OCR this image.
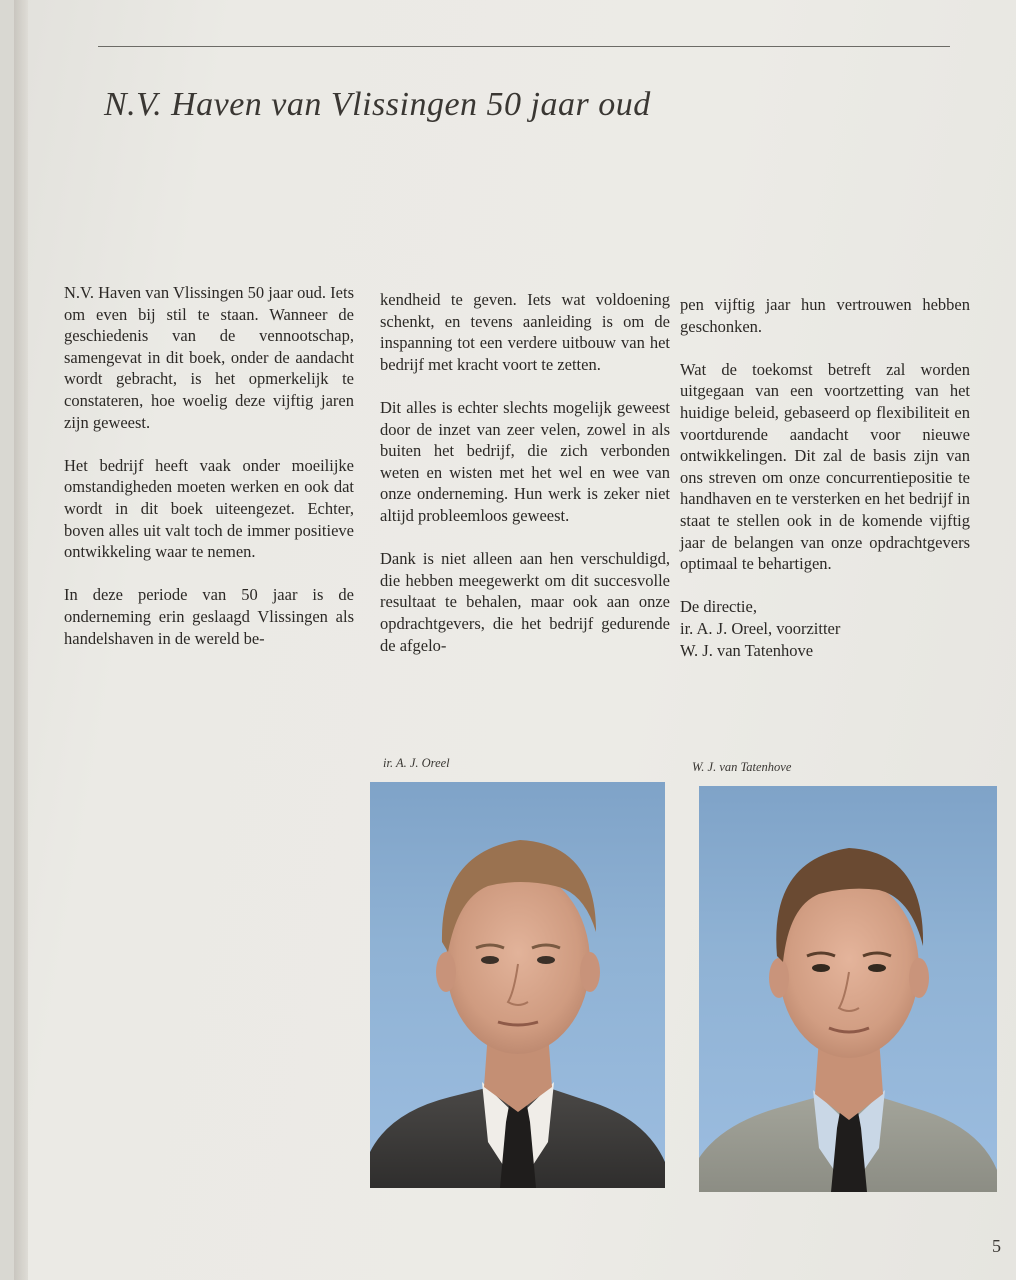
N.V. Haven van Vlissingen 50 jaar oud

N.V. Haven van Vlissingen 50 jaar oud. Iets om even bij stil te staan. Wanneer de geschiedenis van de vennootschap, samengevat in dit boek, onder de aandacht wordt gebracht, is het opmerkelijk te constateren, hoe woelig deze vijftig jaren zijn geweest.

Het bedrijf heeft vaak onder moeilijke omstandigheden moeten werken en ook dat wordt in dit boek uiteengezet. Echter, boven alles uit valt toch de immer positieve ontwikkeling waar te nemen.

In deze periode van 50 jaar is de onderneming erin geslaagd Vlissingen als handelshaven in de wereld be-

kendheid te geven. Iets wat voldoening schenkt, en tevens aanleiding is om de inspanning tot een verdere uitbouw van het bedrijf met kracht voort te zetten.

Dit alles is echter slechts mogelijk geweest door de inzet van zeer velen, zowel in als buiten het bedrijf, die zich verbonden weten en wisten met het wel en wee van onze onderneming. Hun werk is zeker niet altijd probleemloos geweest.

Dank is niet alleen aan hen verschuldigd, die hebben meegewerkt om dit succesvolle resultaat te behalen, maar ook aan onze opdrachtgevers, die het bedrijf gedurende de afgelo-

pen vijftig jaar hun vertrouwen hebben geschonken.

Wat de toekomst betreft zal worden uitgegaan van een voortzetting van het huidige beleid, gebaseerd op flexibiliteit en voortdurende aandacht voor nieuwe ontwikkelingen. Dit zal de basis zijn van ons streven om onze concurrentiepositie te handhaven en te versterken en het bedrijf in staat te stellen ook in de komende vijftig jaar de belangen van onze opdrachtgevers optimaal te behartigen.

De directie,

ir. A. J. Oreel, voorzitter

W. J. van Tatenhove

ir. A. J. Oreel	W. J. van Tatenhove
5
